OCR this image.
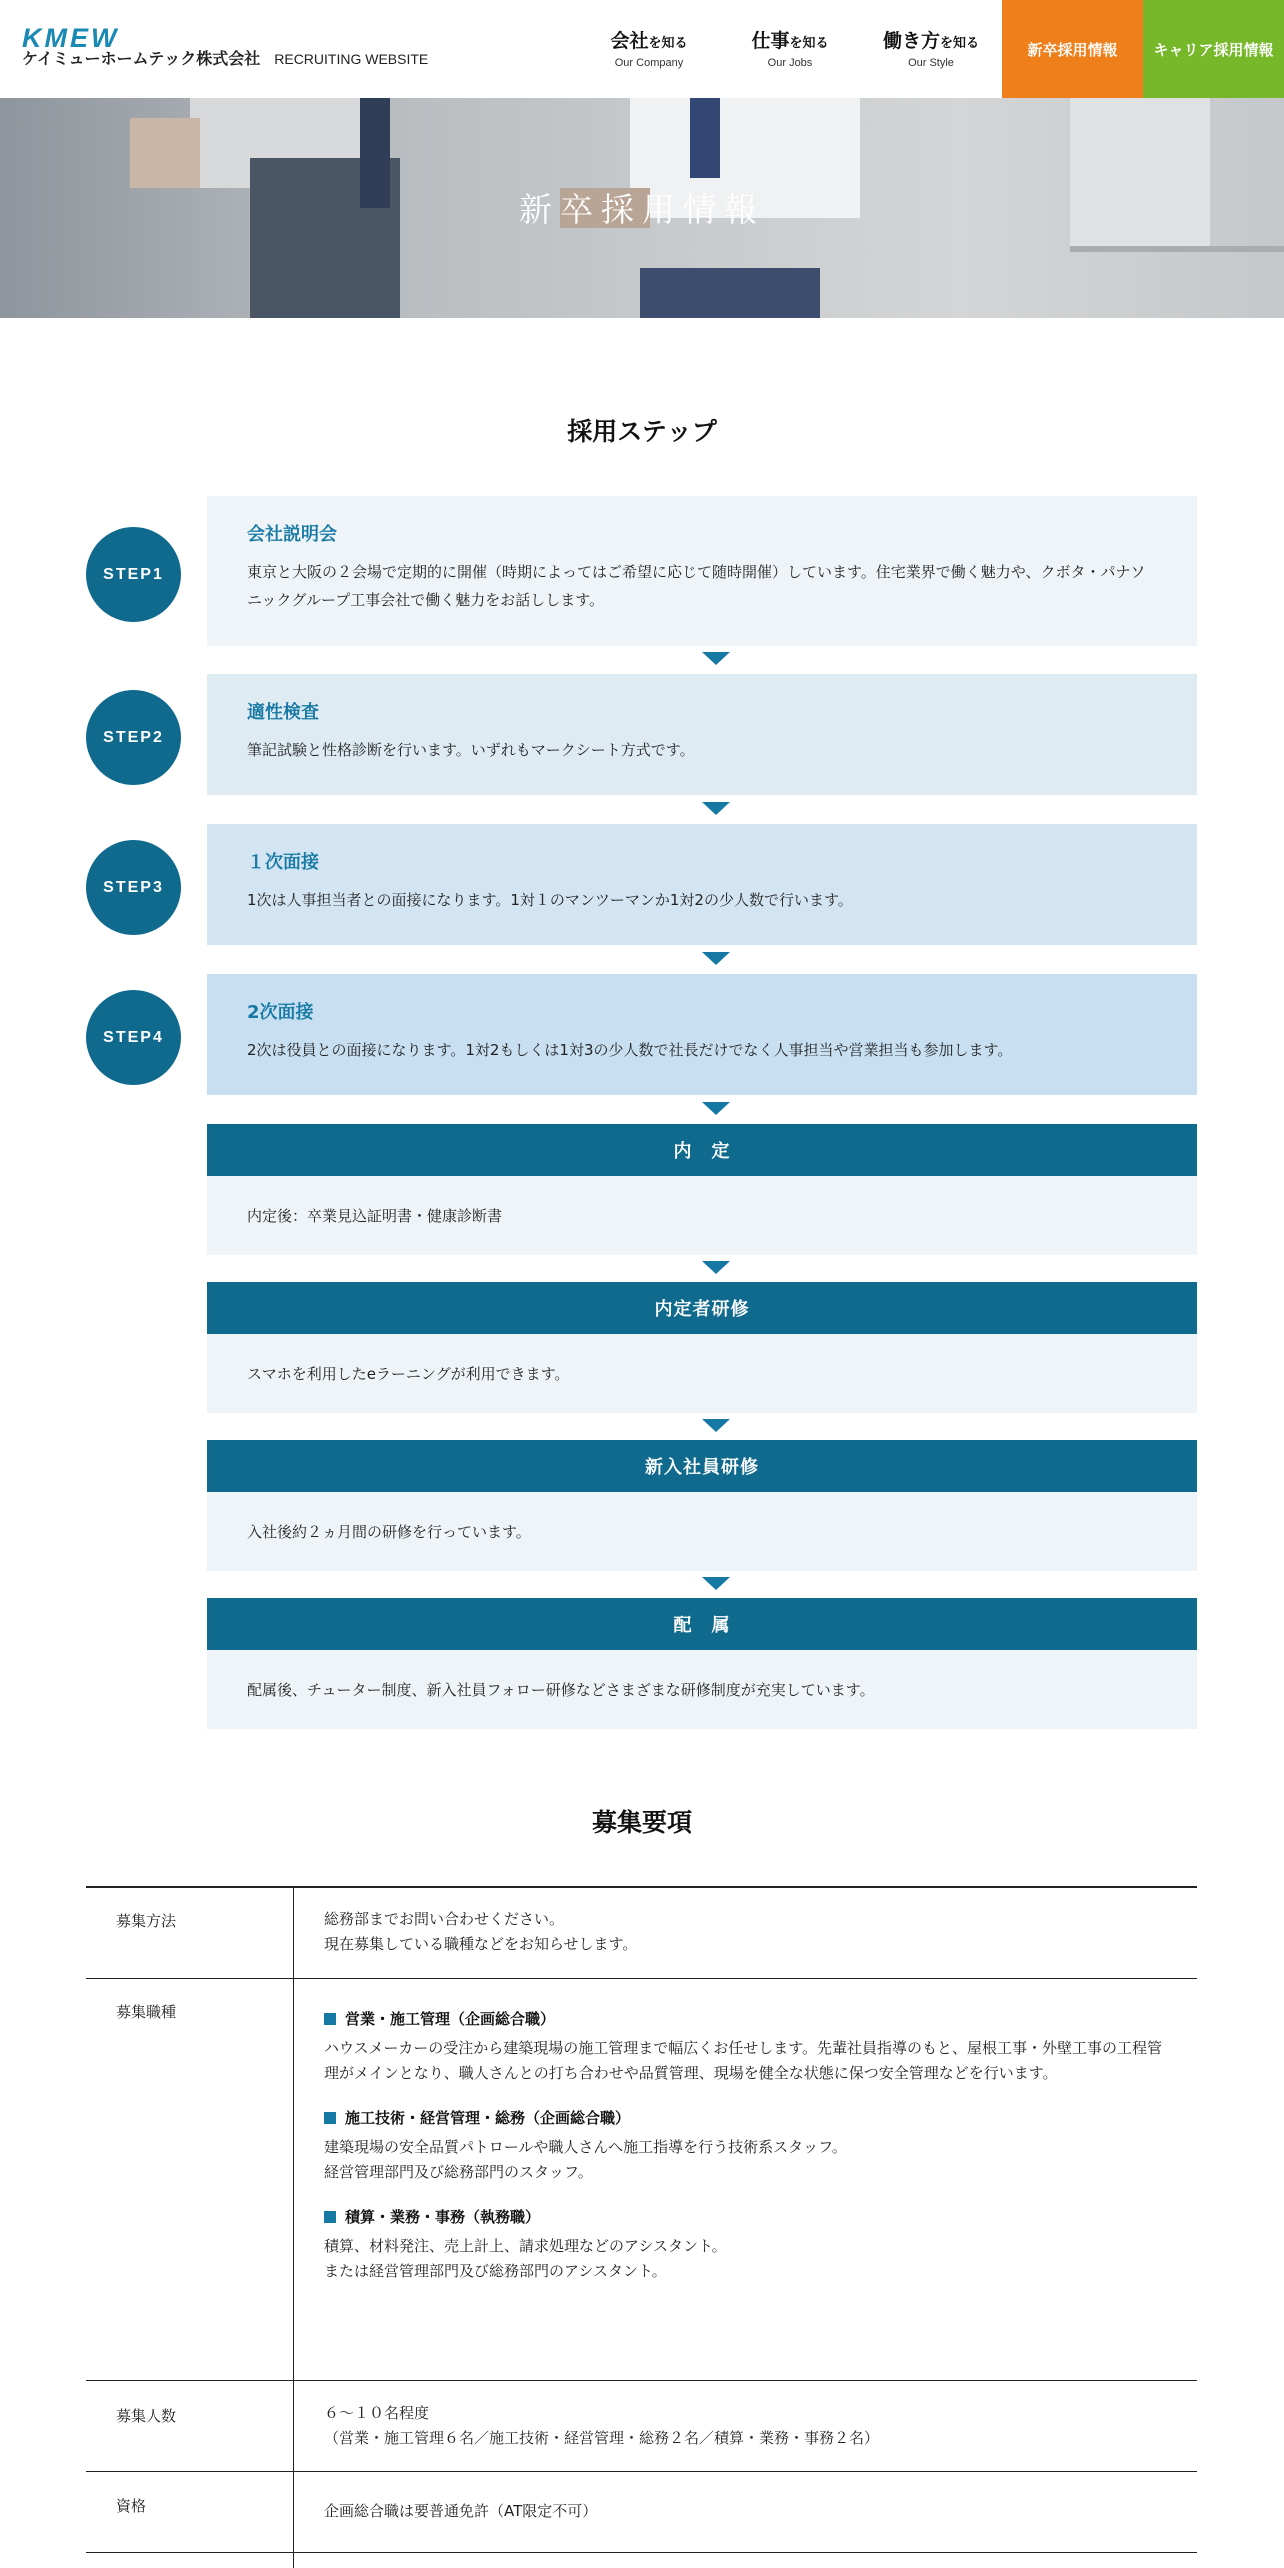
KMEW
ケイミューホームテック株式会社 RECRUITING WEBSITE
会社を知る
Our Company
仕事を知る
Our Jobs
働き方を知る
Our Style
新卒採用情報	キャリア採用情報
新卒採用情報
採用ステップ
STEP1
会社説明会
東京と大阪の２会場で定期的に開催（時期によってはご希望に応じて随時開催）しています。住宅業界で働く魅力や、クボタ・パナソニックグループ工事会社で働く魅力をお話しします。
STEP2
適性検査
筆記試験と性格診断を行います。いずれもマークシート方式です。
STEP3
１次面接
1次は人事担当者との面接になります。1対１のマンツーマンか1対2の少人数で行います。
STEP4
2次面接
2次は役員との面接になります。1対2もしくは1対3の少人数で社長だけでなく人事担当や営業担当も参加します。
内　定
内定後：卒業見込証明書・健康診断書
内定者研修
スマホを利用したeラーニングが利用できます。
新入社員研修
入社後約２ヵ月間の研修を行っています。
配　属
配属後、チューター制度、新入社員フォロー研修などさまざまな研修制度が充実しています。
募集要項
募集方法	総務部までお問い合わせください。
現在募集している職種などをお知らせします。
募集職種	営業・施工管理（企画総合職）
ハウスメーカーの受注から建築現場の施工管理まで幅広くお任せします。先輩社員指導のもと、屋根工事・外壁工事の工程管理がメインとなり、職人さんとの打ち合わせや品質管理、現場を健全な状態に保つ安全管理などを行います。
施工技術・経営管理・総務（企画総合職）
建築現場の安全品質パトロールや職人さんへ施工指導を行う技術系スタッフ。
経営管理部門及び総務部門のスタッフ。
積算・業務・事務（執務職）
積算、材料発注、売上計上、請求処理などのアシスタント。
または経営管理部門及び総務部門のアシスタント。
募集人数	６〜１０名程度
（営業・施工管理６名／施工技術・経営管理・総務２名／積算・業務・事務２名）
資格	企画総合職は要普通免許（AT限定不可）
